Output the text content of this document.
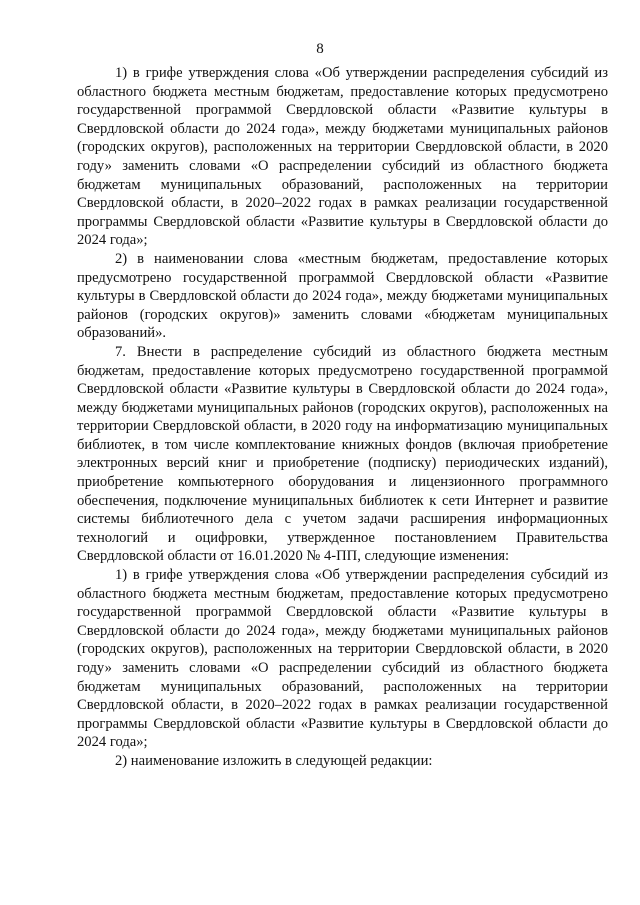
8

1) в грифе утверждения слова «Об утверждении распределения субсидий из областного бюджета местным бюджетам, предоставление которых предусмотрено государственной программой Свердловской области «Развитие культуры в Свердловской области до 2024 года», между бюджетами муниципальных районов (городских округов), расположенных на территории Свердловской области, в 2020 году» заменить словами «О распределении субсидий из областного бюджета бюджетам муниципальных образований, расположенных на территории Свердловской области, в 2020–2022 годах в рамках реализации государственной программы Свердловской области «Развитие культуры в Свердловской области до 2024 года»;

2) в наименовании слова «местным бюджетам, предоставление которых предусмотрено государственной программой Свердловской области «Развитие культуры в Свердловской области до 2024 года», между бюджетами муниципальных районов (городских округов)» заменить словами «бюджетам муниципальных образований».

7. Внести в распределение субсидий из областного бюджета местным бюджетам, предоставление которых предусмотрено государственной программой Свердловской области «Развитие культуры в Свердловской области до 2024 года», между бюджетами муниципальных районов (городских округов), расположенных на территории Свердловской области, в 2020 году на информатизацию муниципальных библиотек, в том числе комплектование книжных фондов (включая приобретение электронных версий книг и приобретение (подписку) периодических изданий), приобретение компьютерного оборудования и лицензионного программного обеспечения, подключение муниципальных библиотек к сети Интернет и развитие системы библиотечного дела с учетом задачи расширения информационных технологий и оцифровки, утвержденное постановлением Правительства Свердловской области от 16.01.2020 № 4-ПП, следующие изменения:

1) в грифе утверждения слова «Об утверждении распределения субсидий из областного бюджета местным бюджетам, предоставление которых предусмотрено государственной программой Свердловской области «Развитие культуры в Свердловской области до 2024 года», между бюджетами муниципальных районов (городских округов), расположенных на территории Свердловской области, в 2020 году» заменить словами «О распределении субсидий из областного бюджета бюджетам муниципальных образований, расположенных на территории Свердловской области, в 2020–2022 годах в рамках реализации государственной программы Свердловской области «Развитие культуры в Свердловской области до 2024 года»;

2) наименование изложить в следующей редакции:
